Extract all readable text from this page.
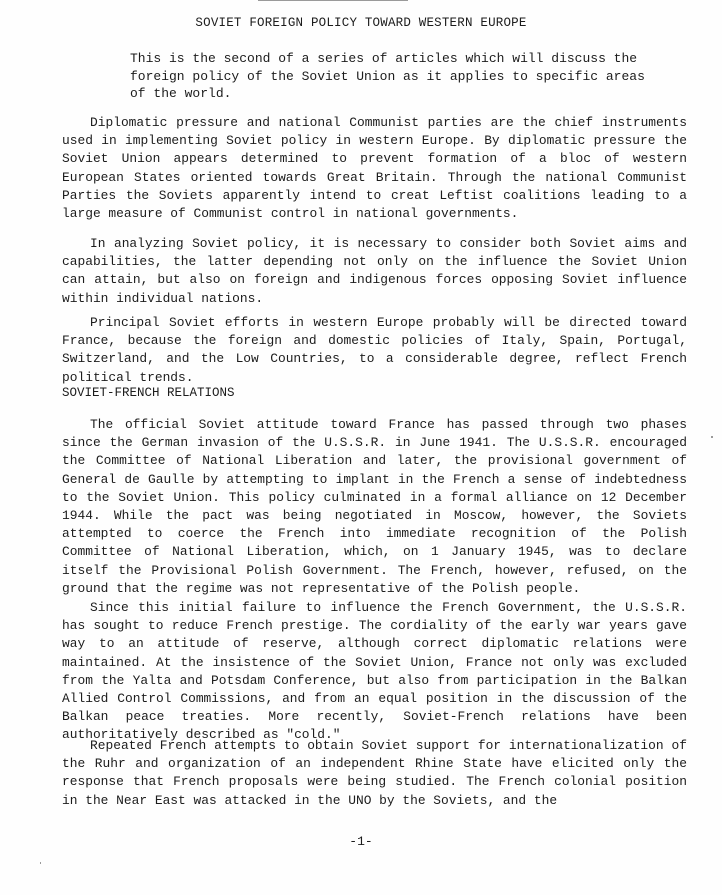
SOVIET FOREIGN POLICY TOWARD WESTERN EUROPE

This is the second of a series of articles which will discuss the foreign policy of the Soviet Union as it applies to specific areas of the world.

Diplomatic pressure and national Communist parties are the chief instruments used in implementing Soviet policy in western Europe. By diplomatic pressure the Soviet Union appears determined to prevent formation of a bloc of western European States oriented towards Great Britain. Through the national Communist Parties the Soviets apparently intend to creat Leftist coalitions leading to a large measure of Communist control in national governments.

In analyzing Soviet policy, it is necessary to consider both Soviet aims and capabilities, the latter depending not only on the influence the Soviet Union can attain, but also on foreign and indigenous forces opposing Soviet influence within individual nations.

Principal Soviet efforts in western Europe probably will be directed toward France, because the foreign and domestic policies of Italy, Spain, Portugal, Switzerland, and the Low Countries, to a considerable degree, reflect French political trends.

SOVIET-FRENCH RELATIONS

The official Soviet attitude toward France has passed through two phases since the German invasion of the U.S.S.R. in June 1941. The U.S.S.R. encouraged the Committee of National Liberation and later, the provisional government of General de Gaulle by attempting to implant in the French a sense of indebtedness to the Soviet Union. This policy culminated in a formal alliance on 12 December 1944. While the pact was being negotiated in Moscow, however, the Soviets attempted to coerce the French into immediate recognition of the Polish Committee of National Liberation, which, on 1 January 1945, was to declare itself the Provisional Polish Government. The French, however, refused, on the ground that the regime was not representative of the Polish people.

Since this initial failure to influence the French Government, the U.S.S.R. has sought to reduce French prestige. The cordiality of the early war years gave way to an attitude of reserve, although correct diplomatic relations were maintained. At the insistence of the Soviet Union, France not only was excluded from the Yalta and Potsdam Conference, but also from participation in the Balkan Allied Control Commissions, and from an equal position in the discussion of the Balkan peace treaties. More recently, Soviet-French relations have been authoritatively described as "cold."

Repeated French attempts to obtain Soviet support for internationalization of the Ruhr and organization of an independent Rhine State have elicited only the response that French proposals were being studied. The French colonial position in the Near East was attacked in the UNO by the Soviets, and the

-1-
